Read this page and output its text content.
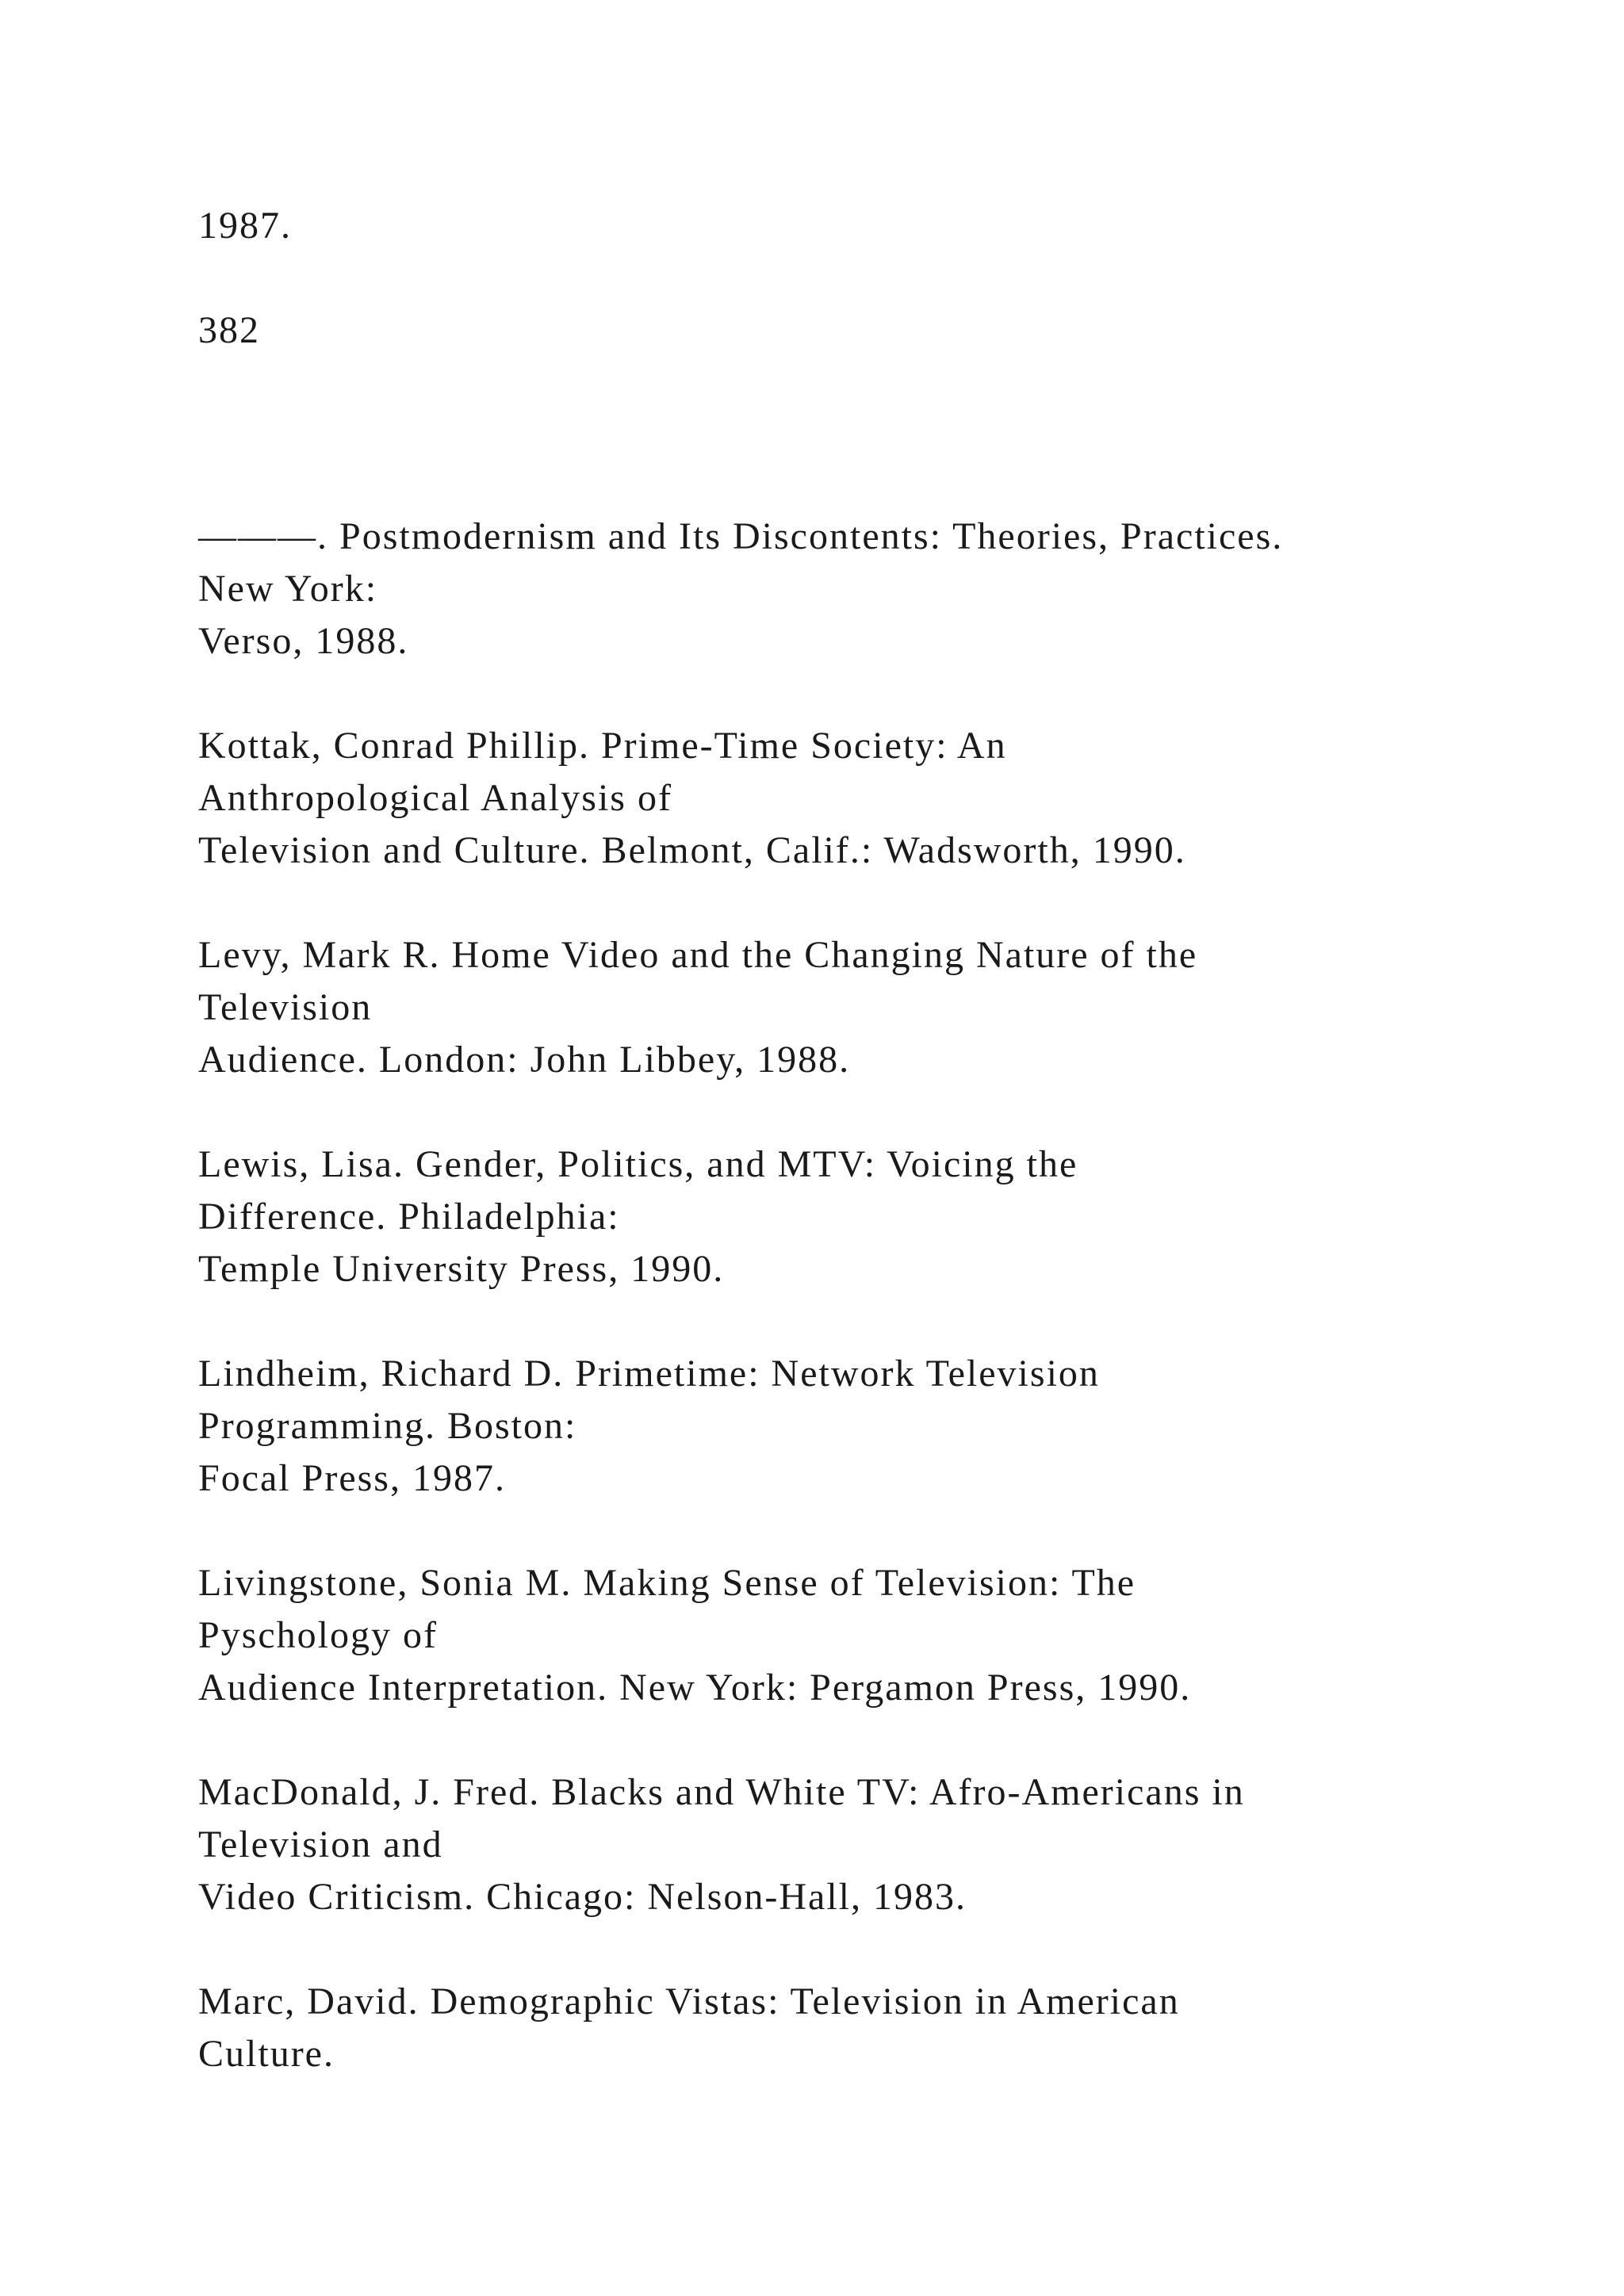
1987.

382

———. Postmodernism and Its Discontents: Theories, Practices.
New York:
Verso, 1988.

Kottak, Conrad Phillip. Prime-Time Society: An
Anthropological Analysis of
Television and Culture. Belmont, Calif.: Wadsworth, 1990.

Levy, Mark R. Home Video and the Changing Nature of the
Television
Audience. London: John Libbey, 1988.

Lewis, Lisa. Gender, Politics, and MTV: Voicing the
Difference. Philadelphia:
Temple University Press, 1990.

Lindheim, Richard D. Primetime: Network Television
Programming. Boston:
Focal Press, 1987.

Livingstone, Sonia M. Making Sense of Television: The
Pyschology of
Audience Interpretation. New York: Pergamon Press, 1990.

MacDonald, J. Fred. Blacks and White TV: Afro-Americans in
Television and
Video Criticism. Chicago: Nelson-Hall, 1983.

Marc, David. Demographic Vistas: Television in American
Culture.
